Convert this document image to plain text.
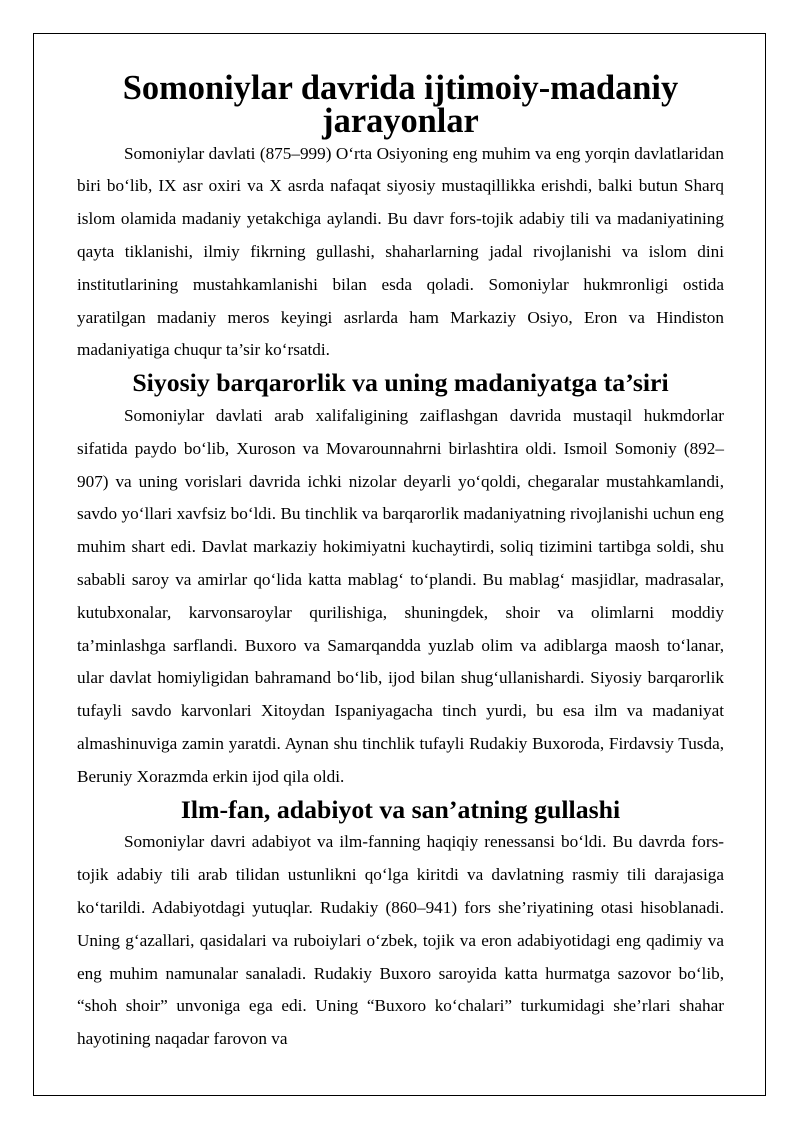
Somoniylar davrida ijtimoiy-madaniy jarayonlar

Somoniylar davlati (875–999) O‘rta Osiyoning eng muhim va eng yorqin davlatlaridan biri bo‘lib, IX asr oxiri va X asrda nafaqat siyosiy mustaqillikka erishdi, balki butun Sharq islom olamida madaniy yetakchiga aylandi. Bu davr fors-tojik adabiy tili va madaniyatining qayta tiklanishi, ilmiy fikrning gullashi, shaharlarning jadal rivojlanishi va islom dini institutlarining mustahkamlanishi bilan esda qoladi. Somoniylar hukmronligi ostida yaratilgan madaniy meros keyingi asrlarda ham Markaziy Osiyo, Eron va Hindiston madaniyatiga chuqur ta’sir ko‘rsatdi.

Siyosiy barqarorlik va uning madaniyatga ta’siri

Somoniylar davlati arab xalifaligining zaiflashgan davrida mustaqil hukmdorlar sifatida paydo bo‘lib, Xuroson va Movarounnahrni birlashtira oldi. Ismoil Somoniy (892–907) va uning vorislari davrida ichki nizolar deyarli yo‘qoldi, chegaralar mustahkamlandi, savdo yo‘llari xavfsiz bo‘ldi. Bu tinchlik va barqarorlik madaniyatning rivojlanishi uchun eng muhim shart edi. Davlat markaziy hokimiyatni kuchaytirdi, soliq tizimini tartibga soldi, shu sababli saroy va amirlar qo‘lida katta mablag‘ to‘plandi. Bu mablag‘ masjidlar, madrasalar, kutubxonalar, karvonsaroylar qurilishiga, shuningdek, shoir va olimlarni moddiy ta’minlashga sarflandi. Buxoro va Samarqandda yuzlab olim va adiblarga maosh to‘lanar, ular davlat homiyligidan bahramand bo‘lib, ijod bilan shug‘ullanishardi. Siyosiy barqarorlik tufayli savdo karvonlari Xitoydan Ispaniyagacha tinch yurdi, bu esa ilm va madaniyat almashinuviga zamin yaratdi. Aynan shu tinchlik tufayli Rudakiy Buxoroda, Firdavsiy Tusda, Beruniy Xorazmda erkin ijod qila oldi.

Ilm-fan, adabiyot va san’atning gullashi

Somoniylar davri adabiyot va ilm-fanning haqiqiy renessansi bo‘ldi. Bu davrda fors-tojik adabiy tili arab tilidan ustunlikni qo‘lga kiritdi va davlatning rasmiy tili darajasiga ko‘tarildi. Adabiyotdagi yutuqlar. Rudakiy (860–941) fors she’riyatining otasi hisoblanadi. Uning g‘azallari, qasidalari va ruboiylari o‘zbek, tojik va eron adabiyotidagi eng qadimiy va eng muhim namunalar sanaladi. Rudakiy Buxoro saroyida katta hurmatga sazovor bo‘lib, “shoh shoir” unvoniga ega edi. Uning “Buxoro ko‘chalari” turkumidagi she’rlari shahar hayotining naqadar farovon va
